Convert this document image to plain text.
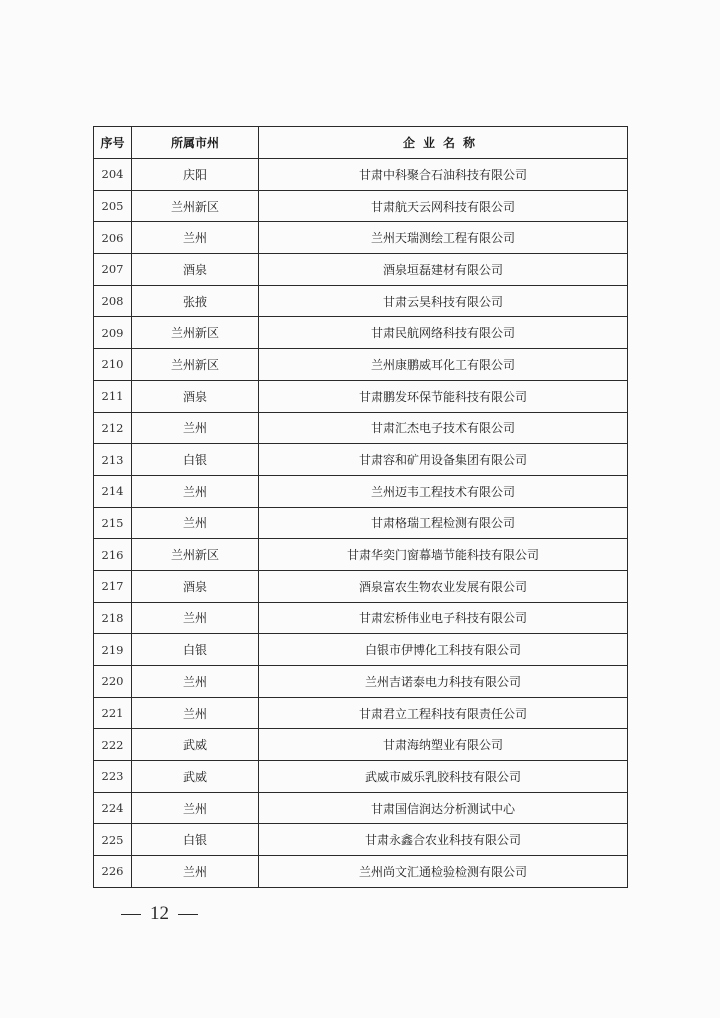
序号	所属市州	企业名称
204	庆阳	甘肃中科聚合石油科技有限公司
205	兰州新区	甘肃航天云网科技有限公司
206	兰州	兰州天瑞测绘工程有限公司
207	酒泉	酒泉垣磊建材有限公司
208	张掖	甘肃云昊科技有限公司
209	兰州新区	甘肃民航网络科技有限公司
210	兰州新区	兰州康鹏威耳化工有限公司
211	酒泉	甘肃鹏发环保节能科技有限公司
212	兰州	甘肃汇杰电子技术有限公司
213	白银	甘肃容和矿用设备集团有限公司
214	兰州	兰州迈韦工程技术有限公司
215	兰州	甘肃格瑞工程检测有限公司
216	兰州新区	甘肃华奕门窗幕墙节能科技有限公司
217	酒泉	酒泉富农生物农业发展有限公司
218	兰州	甘肃宏桥伟业电子科技有限公司
219	白银	白银市伊博化工科技有限公司
220	兰州	兰州吉诺泰电力科技有限公司
221	兰州	甘肃君立工程科技有限责任公司
222	武威	甘肃海纳塑业有限公司
223	武威	武威市威乐乳胶科技有限公司
224	兰州	甘肃国信润达分析测试中心
225	白银	甘肃永鑫合农业科技有限公司
226	兰州	兰州尚文汇通检验检测有限公司
12
